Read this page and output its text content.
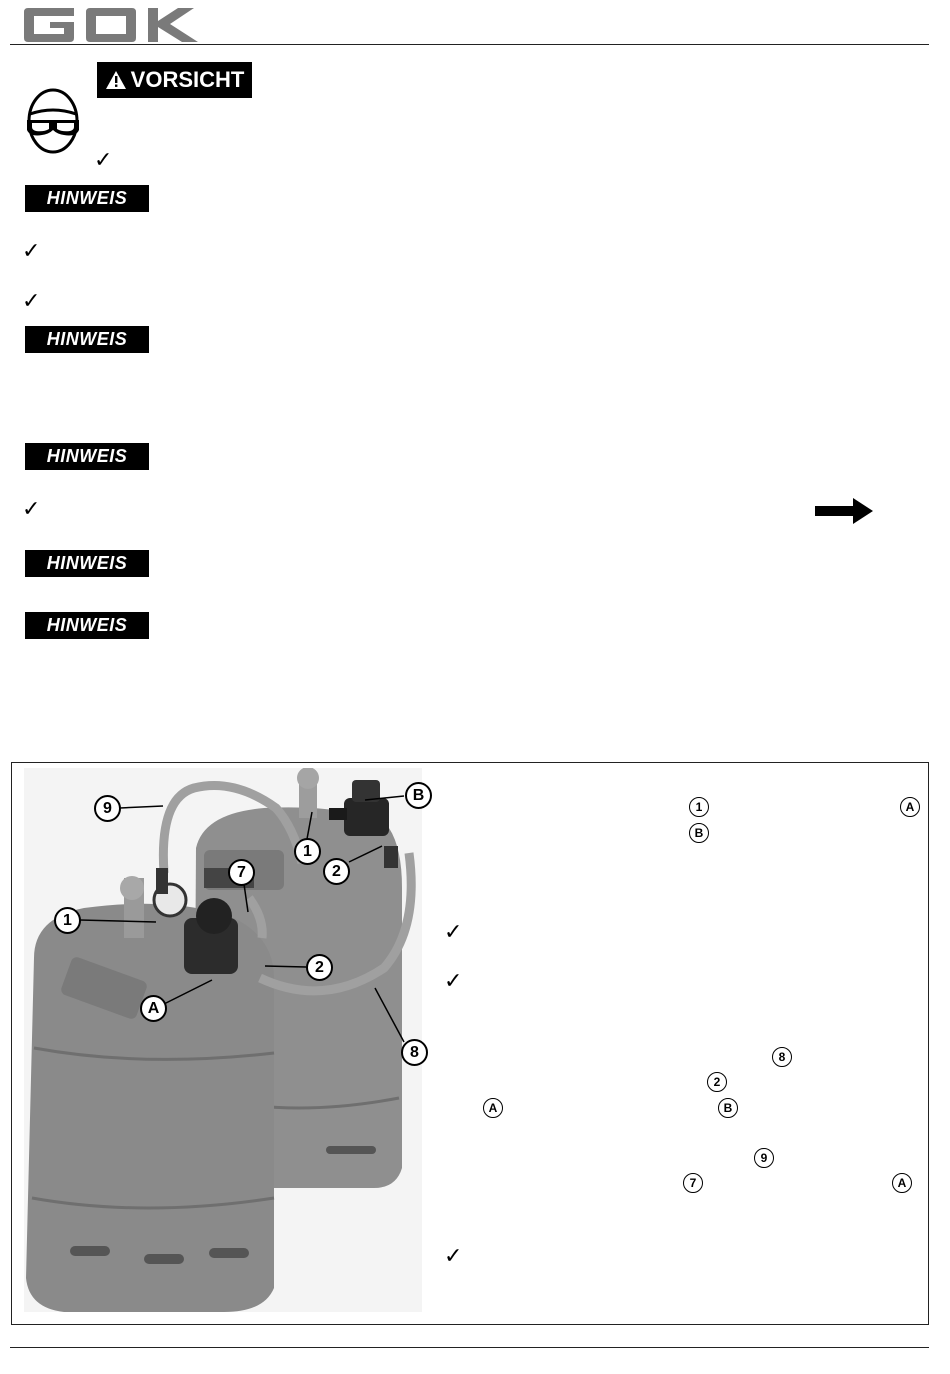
VORSICHT
✓
HINWEIS
✓
✓
HINWEIS
HINWEIS
✓
HINWEIS
HINWEIS
9
B
1
2
7
1
2
A
8
1	A
B
✓
✓
8
2
A	B
9
7	A
✓
